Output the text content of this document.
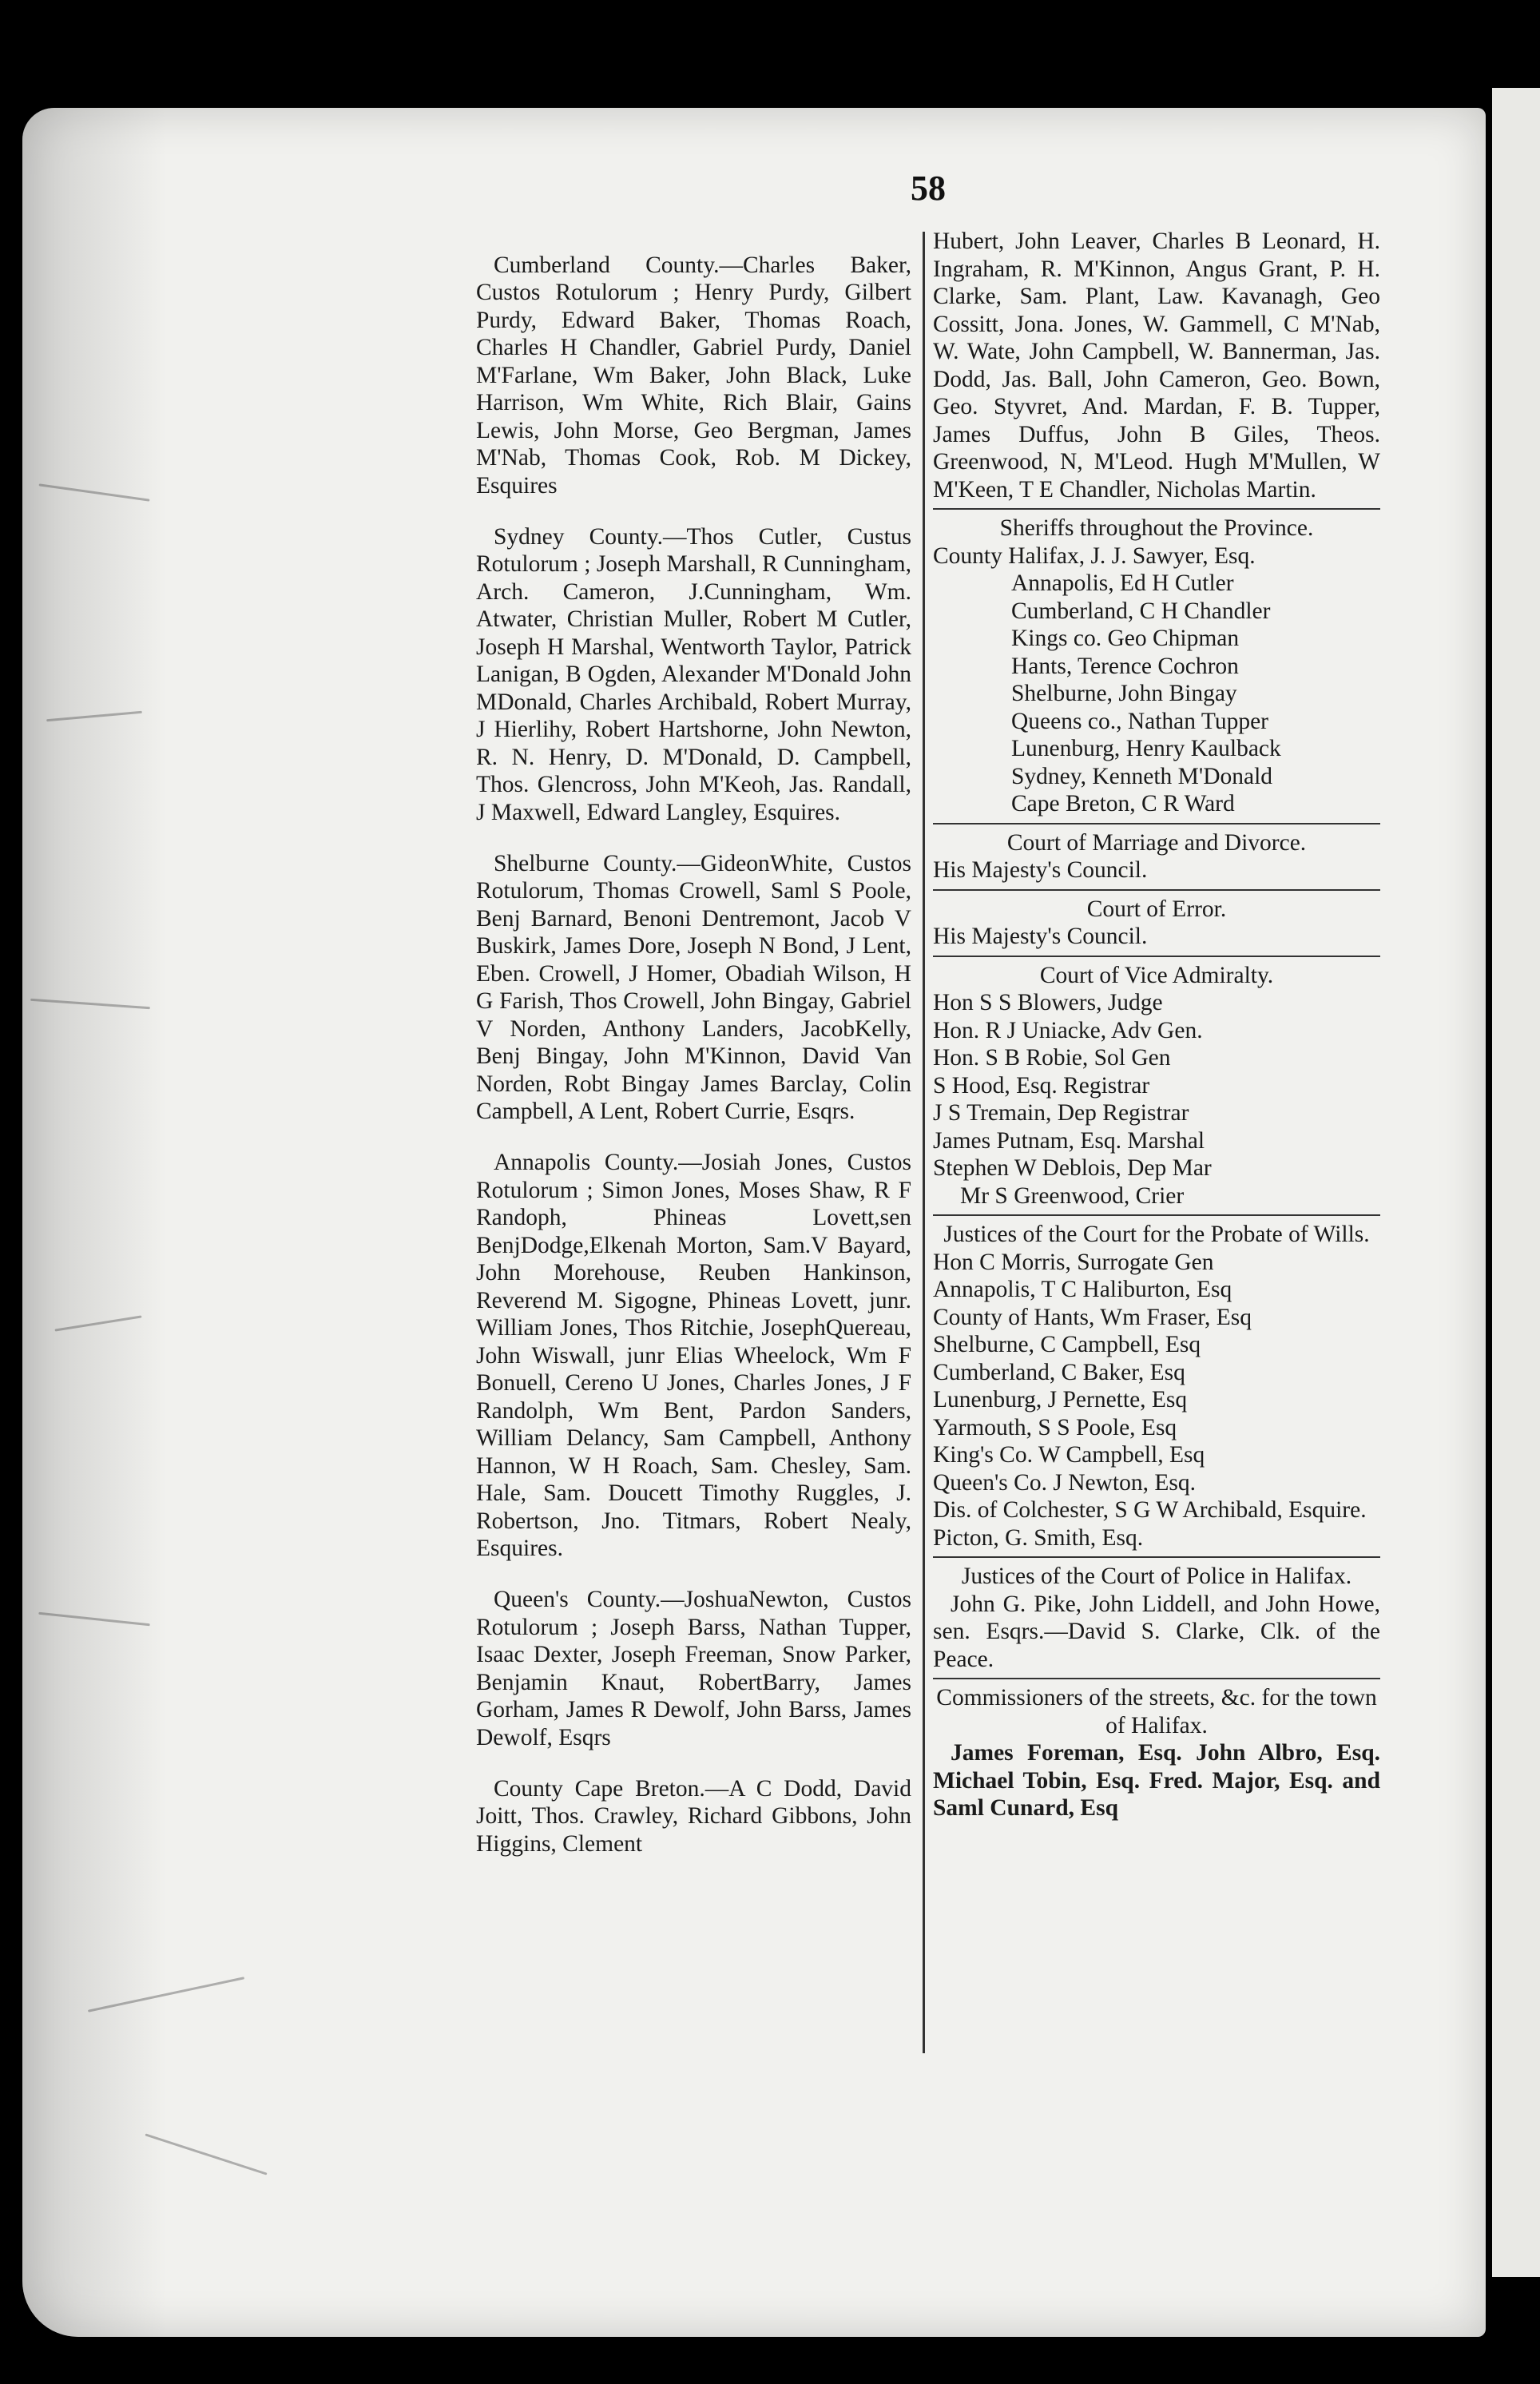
58

Cumberland County.—Charles Baker, Custos Rotulorum ; Henry Purdy, Gilbert Purdy, Edward Baker, Thomas Roach, Charles H Chandler, Gabriel Purdy, Daniel M'Farlane, Wm Baker, John Black, Luke Harrison, Wm White, Rich Blair, Gains Lewis, John Morse, Geo Bergman, James M'Nab, Thomas Cook, Rob. M Dickey, Esquires

Sydney County.—Thos Cutler, Custus Rotulorum ; Joseph Marshall, R Cunningham, Arch. Cameron, J.Cunningham, Wm. Atwater, Christian Muller, Robert M Cutler, Joseph H Marshal, Wentworth Taylor, Patrick Lanigan, B Ogden, Alexander M'Donald John MDonald, Charles Archibald, Robert Murray, J Hierlihy, Robert Hartshorne, John Newton, R. N. Henry, D. M'Donald, D. Campbell, Thos. Glencross, John M'Keoh, Jas. Randall, J Maxwell, Edward Langley, Esquires.

Shelburne County.—GideonWhite, Custos Rotulorum, Thomas Crowell, Saml S Poole, Benj Barnard, Benoni Dentremont, Jacob V Buskirk, James Dore, Joseph N Bond, J Lent, Eben. Crowell, J Homer, Obadiah Wilson, H G Farish, Thos Crowell, John Bingay, Gabriel V Norden, Anthony Landers, JacobKelly, Benj Bingay, John M'Kinnon, David Van Norden, Robt Bingay James Barclay, Colin Campbell, A Lent, Robert Currie, Esqrs.

Annapolis County.—Josiah Jones, Custos Rotulorum ; Simon Jones, Moses Shaw, R F Randoph, Phineas Lovett,sen BenjDodge,Elkenah Morton, Sam.V Bayard, John Morehouse, Reuben Hankinson, Reverend M. Sigogne, Phineas Lovett, junr. William Jones, Thos Ritchie, JosephQuereau, John Wiswall, junr Elias Wheelock, Wm F Bonuell, Cereno U Jones, Charles Jones, J F Randolph, Wm Bent, Pardon Sanders, William Delancy, Sam Campbell, Anthony Hannon, W H Roach, Sam. Chesley, Sam. Hale, Sam. Doucett Timothy Ruggles, J. Robertson, Jno. Titmars, Robert Nealy, Esquires.

Queen's County.—JoshuaNewton, Custos Rotulorum ; Joseph Barss, Nathan Tupper, Isaac Dexter, Joseph Freeman, Snow Parker, Benjamin Knaut, RobertBarry, James Gorham, James R Dewolf, John Barss, James Dewolf, Esqrs

County Cape Breton.—A C Dodd, David Joitt, Thos. Crawley, Richard Gibbons, John Higgins, Clement

Hubert, John Leaver, Charles B Leonard, H. Ingraham, R. M'Kinnon, Angus Grant, P. H. Clarke, Sam. Plant, Law. Kavanagh, Geo Cossitt, Jona. Jones, W. Gammell, C M'Nab, W. Wate, John Campbell, W. Bannerman, Jas. Dodd, Jas. Ball, John Cameron, Geo. Bown, Geo. Styvret, And. Mardan, F. B. Tupper, James Duffus, John B Giles, Theos. Greenwood, N, M'Leod. Hugh M'Mullen, W M'Keen, T E Chandler, Nicholas Martin.

Sheriffs throughout the Province.

County Halifax, J. J. Sawyer, Esq.

Annapolis, Ed H Cutler

Cumberland, C H Chandler

Kings co. Geo Chipman

Hants, Terence Cochron

Shelburne, John Bingay

Queens co., Nathan Tupper

Lunenburg, Henry Kaulback

Sydney, Kenneth M'Donald

Cape Breton, C R Ward

Court of Marriage and Divorce.

His Majesty's Council.

Court of Error.

His Majesty's Council.

Court of Vice Admiralty.

Hon S S Blowers, Judge

Hon. R J Uniacke, Adv Gen.

Hon. S B Robie, Sol Gen

S Hood, Esq. Registrar

J S Tremain, Dep Registrar

James Putnam, Esq. Marshal

Stephen W Deblois, Dep Mar

Mr S Greenwood, Crier

Justices of the Court for the Probate of Wills.

Hon C Morris, Surrogate Gen

Annapolis, T C Haliburton, Esq

County of Hants, Wm Fraser, Esq

Shelburne, C Campbell, Esq

Cumberland, C Baker, Esq

Lunenburg, J Pernette, Esq

Yarmouth, S S Poole, Esq

King's Co. W Campbell, Esq

Queen's Co. J Newton, Esq.

Dis. of Colchester, S G W Archibald, Esquire.

Picton, G. Smith, Esq.

Justices of the Court of Police in Halifax.

John G. Pike, John Liddell, and John Howe, sen. Esqrs.—David S. Clarke, Clk. of the Peace.

Commissioners of the streets, &c. for the town of Halifax.

James Foreman, Esq. John Albro, Esq. Michael Tobin, Esq. Fred. Major, Esq. and Saml Cunard, Esq
